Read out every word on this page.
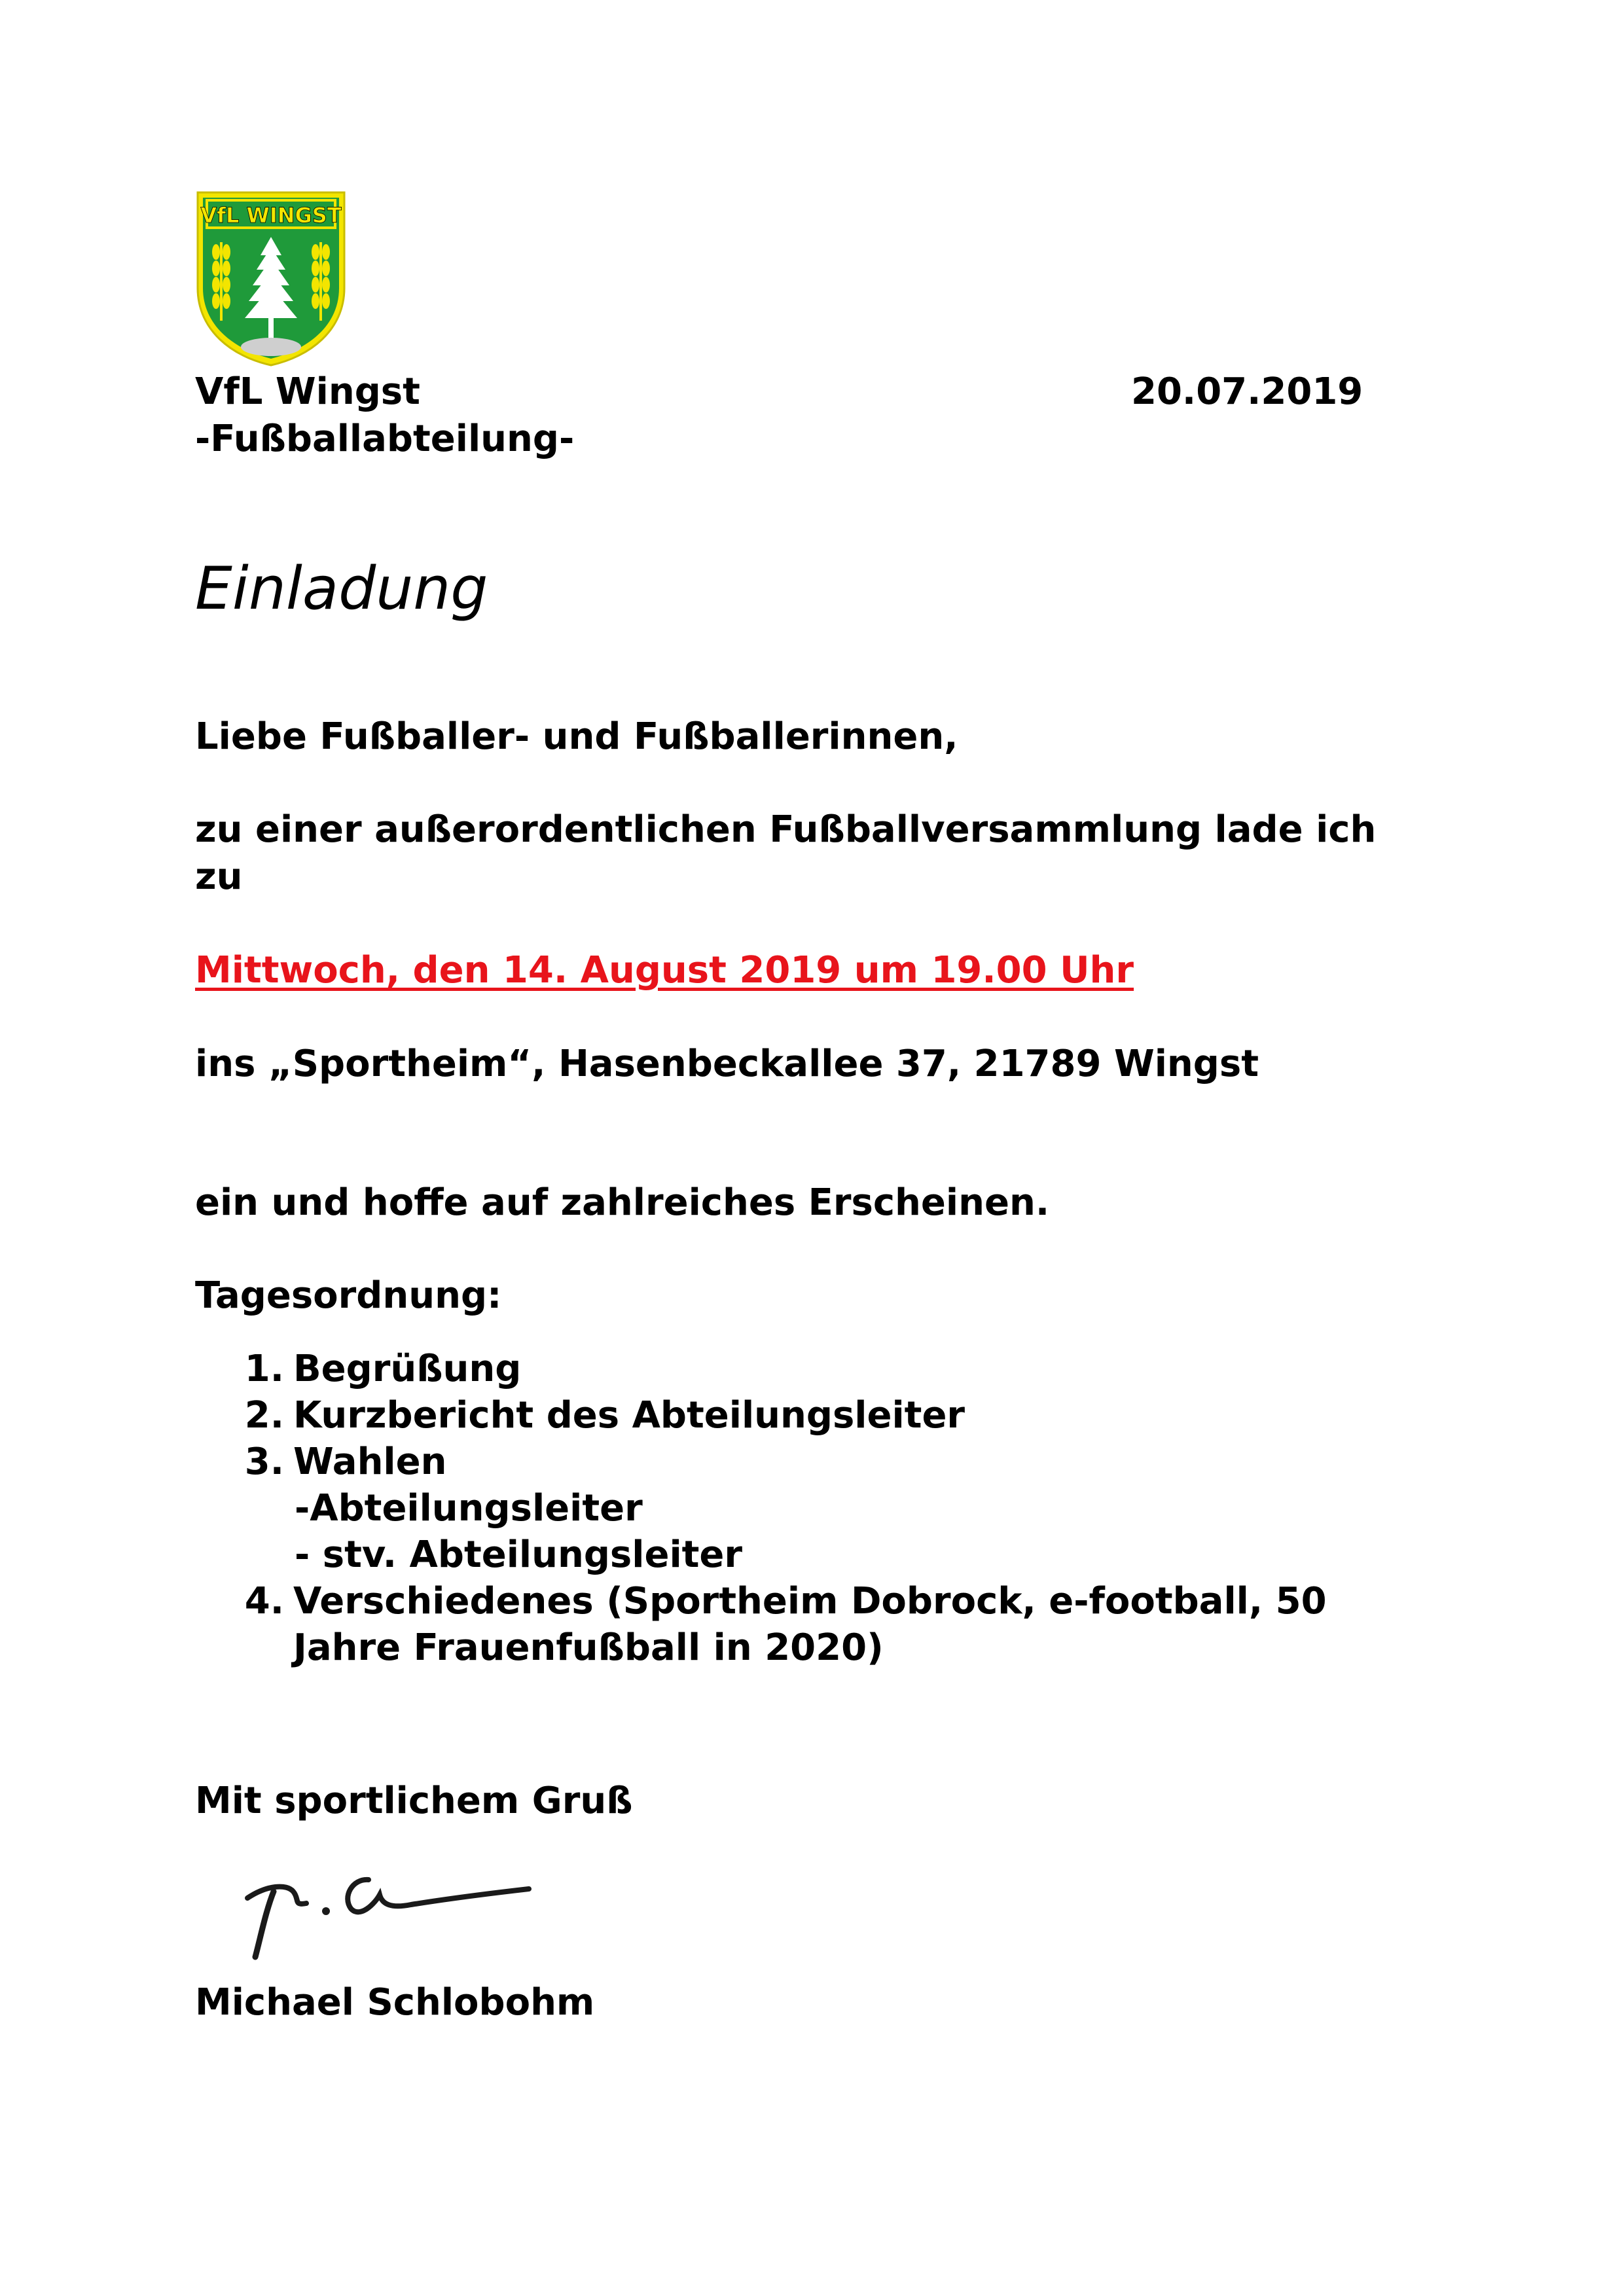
VfL WINGST

VfL Wingst

-Fußballabteilung-

20.07.2019

Einladung

Liebe Fußballer- und Fußballerinnen,

zu einer außerordentlichen Fußballversammlung lade ich

zu

Mittwoch, den 14. August 2019 um 19.00 Uhr

ins „Sportheim“, Hasenbeckallee 37, 21789 Wingst

ein und hoffe auf zahlreiches Erscheinen.

Tagesordnung:

1. Begrüßung
2. Kurzbericht des Abteilungsleiter
3. Wahlen
-Abteilungsleiter
- stv. Abteilungsleiter
4. Verschiedenes (Sportheim Dobrock, e-football, 50
Jahre Frauenfußball in 2020)

Mit sportlichem Gruß

Michael Schlobohm
